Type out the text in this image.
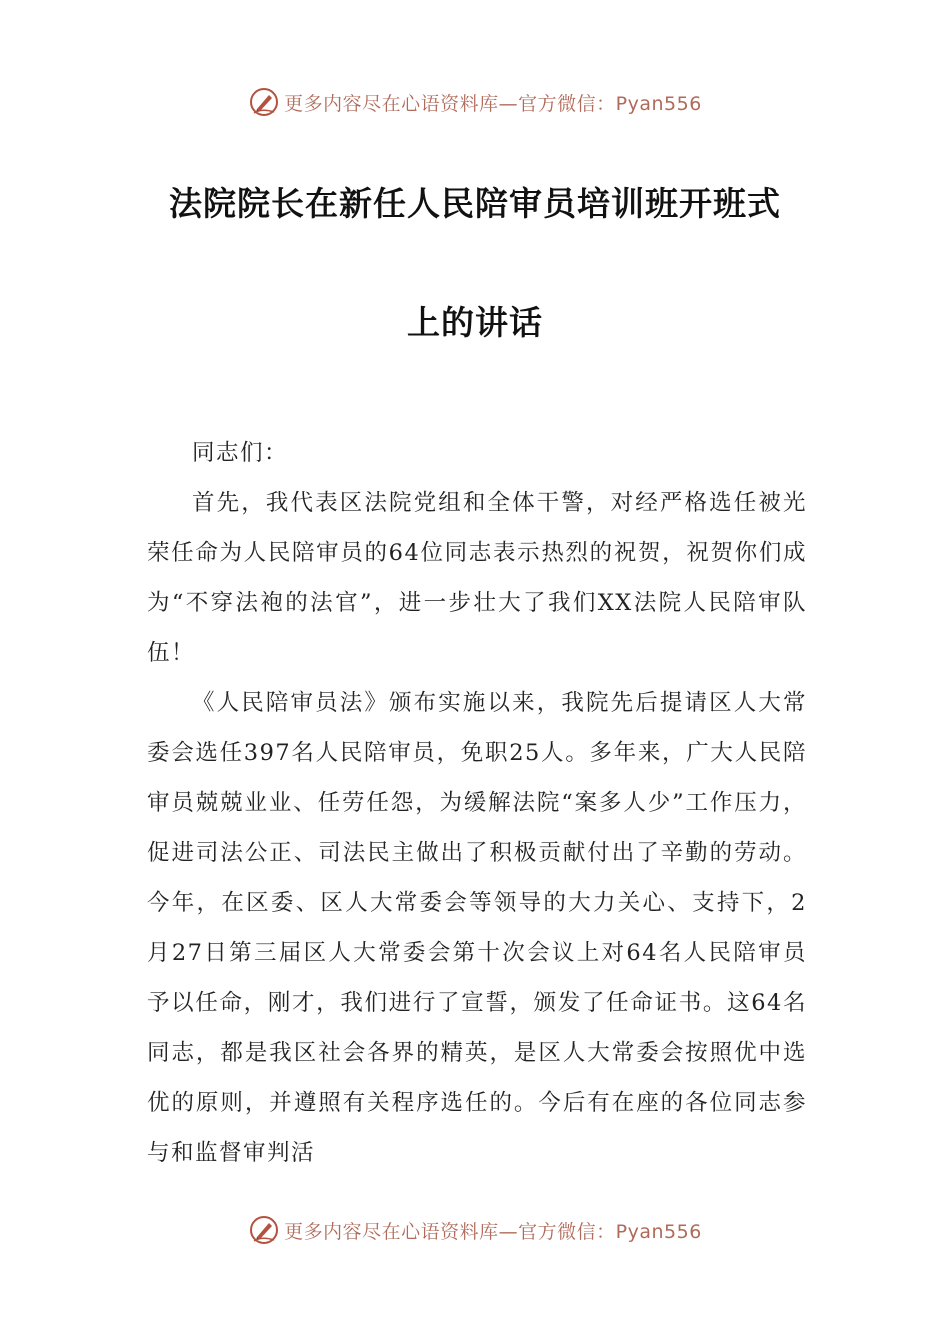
更多内容尽在心语资料库—官方微信：Pyan556
法院院长在新任人民陪审员培训班开班式
上的讲话

同志们：

首先，我代表区法院党组和全体干警，对经严格选任被光荣任命为人民陪审员的64位同志表示热烈的祝贺，祝贺你们成为“不穿法袍的法官”，进一步壮大了我们XX法院人民陪审队伍！

《人民陪审员法》颁布实施以来，我院先后提请区人大常委会选任397名人民陪审员，免职25人。多年来，广大人民陪审员兢兢业业、任劳任怨，为缓解法院“案多人少”工作压力，促进司法公正、司法民主做出了积极贡献付出了辛勤的劳动。今年，在区委、区人大常委会等领导的大力关心、支持下，2月27日第三届区人大常委会第十次会议上对64名人民陪审员予以任命，刚才，我们进行了宣誓，颁发了任命证书。这64名同志，都是我区社会各界的精英，是区人大常委会按照优中选优的原则，并遵照有关程序选任的。今后有在座的各位同志参与和监督审判活

更多内容尽在心语资料库—官方微信：Pyan556
